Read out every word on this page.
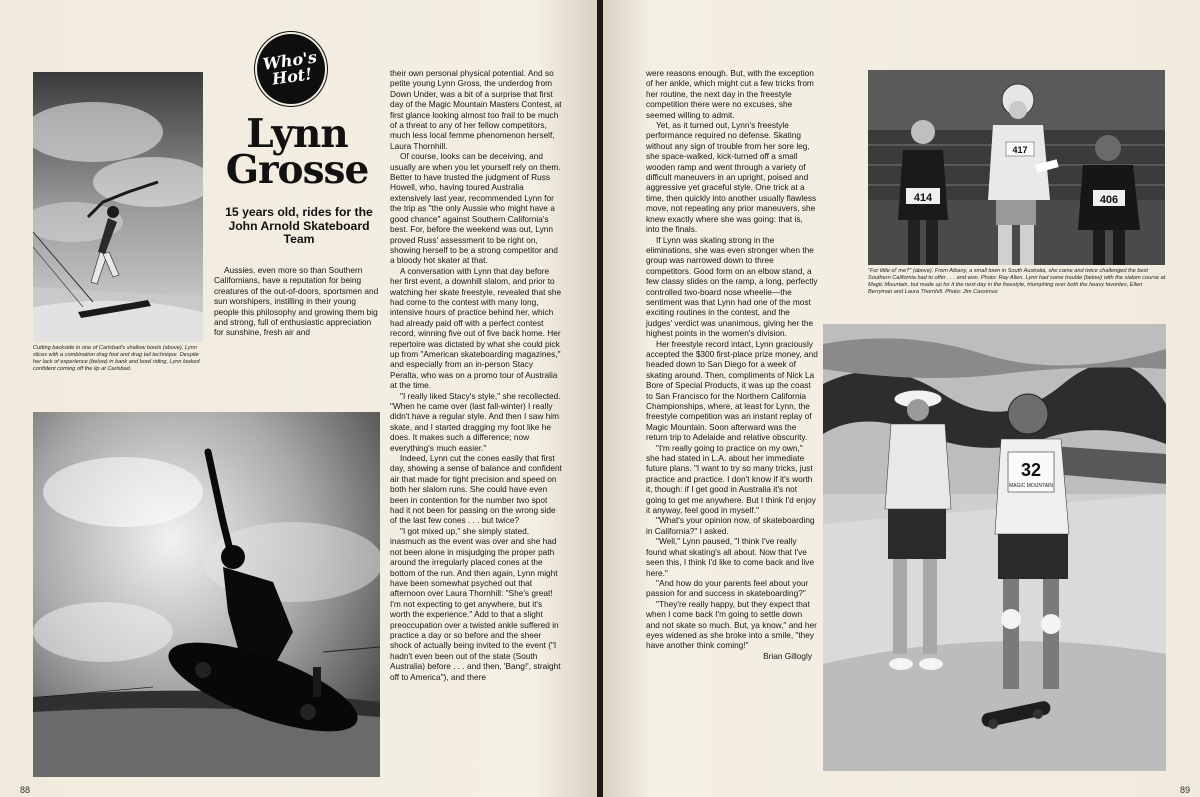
Cutting backside in one of Carlsbad's shallow bowls (above), Lynn slices with a combination drag foot and drag tail technique. Despite her lack of experience (below) in bank and bowl riding, Lynn looked confident coming off the lip at Carlsbad.
Who's Hot!
Lynn
Grosse
15 years old, rides for the John Arnold Skateboard Team

Aussies, even more so than Southern Californians, have a reputation for being creatures of the out-of-doors, sportsmen and sun worshipers, instilling in their young people this philosophy and growing them big and strong, full of enthusiastic appreciation for sunshine, fresh air and

their own personal physical potential. And so petite young Lynn Gross, the underdog from Down Under, was a bit of a surprise that first day of the Magic Mountain Masters Contest, at first glance looking almost too frail to be much of a threat to any of her fellow competitors, much less local femme phenomenon herself, Laura Thornhill.

Of course, looks can be deceiving, and usually are when you let yourself rely on them. Better to have trusted the judgment of Russ Howell, who, having toured Australia extensively last year, recommended Lynn for the trip as "the only Aussie who might have a good chance" against Southern California's best. For, before the weekend was out, Lynn proved Russ' assessment to be right on, showing herself to be a strong competitor and a bloody hot skater at that.

A conversation with Lynn that day before her first event, a downhill slalom, and prior to watching her skate freestyle, revealed that she had come to the contest with many long, intensive hours of practice behind her, which had already paid off with a perfect contest record, winning five out of five back home. Her repertoire was dictated by what she could pick up from "American skateboarding magazines," and especially from an in-person Stacy Peralta, who was on a promo tour of Australia at the time.

"I really liked Stacy's style," she recollected. "When he came over (last fall-winter) I really didn't have a regular style. And then I saw him skate, and I started dragging my foot like he does. It makes such a difference; now everything's much easier."

Indeed, Lynn cut the cones easily that first day, showing a sense of balance and confident air that made for tight precision and speed on both her slalom runs. She could have even been in contention for the number two spot had it not been for passing on the wrong side of the last few cones . . . but twice?

"I got mixed up," she simply stated, inasmuch as the event was over and she had not been alone in misjudging the proper path around the irregularly placed cones at the bottom of the run. And then again, Lynn might have been somewhat psyched out that afternoon over Laura Thornhill: "She's great! I'm not expecting to get anywhere, but it's worth the experience." Add to that a slight preoccupation over a twisted ankle suffered in practice a day or so before and the sheer shock of actually being invited to the event ("I hadn't even been out of the state (South Australia) before . . . and then, 'Bang!', straight off to America"), and there

88

were reasons enough. But, with the exception of her ankle, which might cut a few tricks from her routine, the next day in the freestyle competition there were no excuses, she seemed willing to admit.

Yet, as it turned out, Lynn's freestyle performance required no defense. Skating without any sign of trouble from her sore leg, she space-walked, kick-turned off a small wooden ramp and went through a variety of difficult maneuvers in an upright, poised and aggressive yet graceful style. One trick at a time, then quickly into another usually flawless move, not repeating any prior maneuvers, she knew exactly where she was going: that is, into the finals.

If Lynn was skating strong in the eliminations, she was even stronger when the group was narrowed down to three competitors. Good form on an elbow stand, a few classy slides on the ramp, a long, perfectly controlled two-board nose wheelie—the sentiment was that Lynn had one of the most exciting routines in the contest, and the judges' verdict was unanimous, giving her the highest points in the women's division.

Her freestyle record intact, Lynn graciously accepted the $300 first-place prize money, and headed down to San Diego for a week of skating around. Then, compliments of Nick La Bore of Special Products, it was up the coast to San Francisco for the Northern California Championships, where, at least for Lynn, the freestyle competition was an instant replay of Magic Mountain. Soon afterward was the return trip to Adelaide and relative obscurity.

"I'm really going to practice on my own," she had stated in L.A. about her immediate future plans. "I want to try so many tricks, just practice and practice. I don't know if it's worth it, though: if I get good in Australia it's not going to get me anywhere. But I think I'd enjoy it anyway, feel good in myself."

"What's your opinion now, of skateboarding in California?" I asked.

"Well," Lynn paused, "I think I've really found what skating's all about. Now that I've seen this, I think I'd like to come back and live here."

"And how do your parents feel about your passion for and success in skateboarding?"

"They're really happy, but they expect that when I come back I'm going to settle down and not skate so much. But, ya know," and her eyes widened as she broke into a smile, "they have another think coming!"

Brian Gillogly

414
417
406
"For little ol' me?" (above). From Albany, a small town in South Australia, she came and twice challenged the best Southern California had to offer . . . and won. Photo: Ray Allen. Lynn had some trouble (below) with the slalom course at Magic Mountain, but made up for it the next day in the freestyle, triumphing over both the heavy favorites, Ellen Berryman and Laura Thornhill. Photo: Jim Cassimus
32
MAGIC MOUNTAIN
89
